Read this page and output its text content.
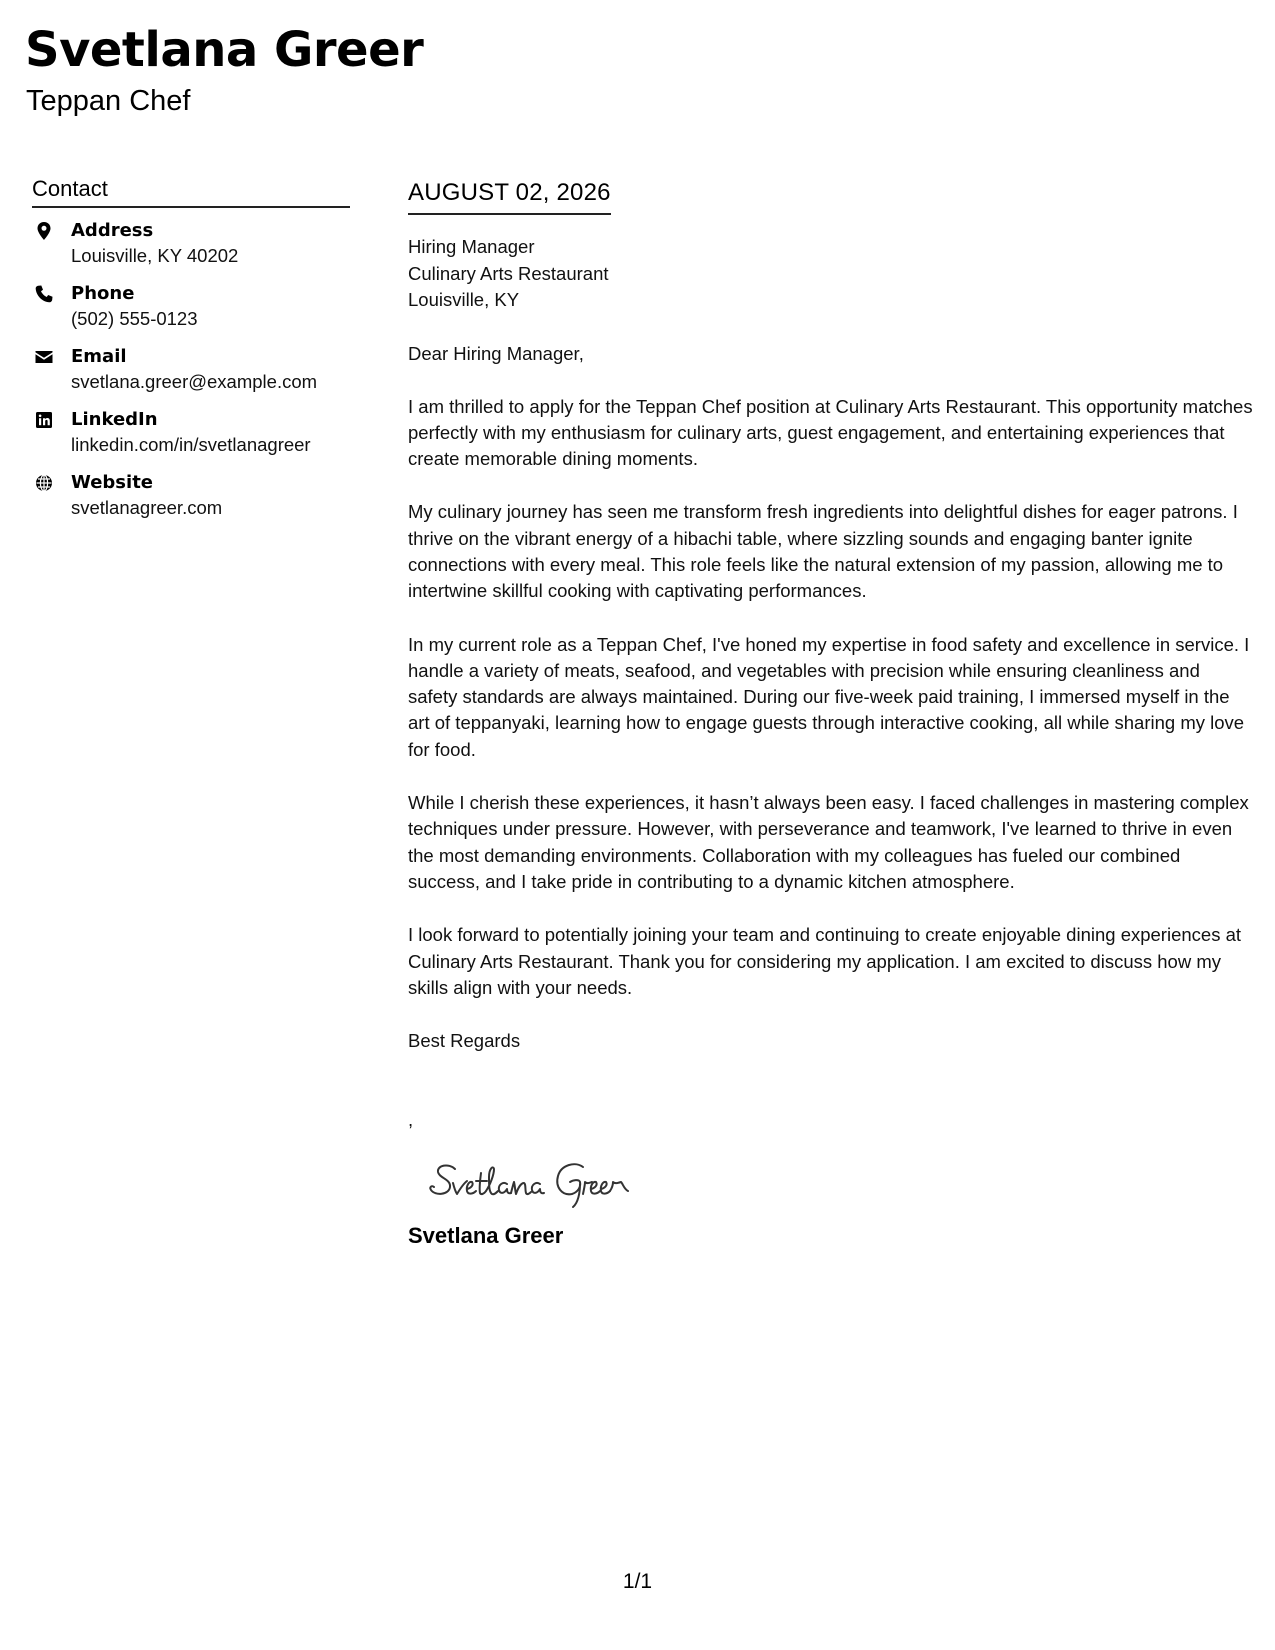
Svetlana Greer
Teppan Chef
Contact
Address
Louisville, KY 40202
Phone
(502) 555-0123
Email
svetlana.greer@example.com
LinkedIn
linkedin.com/in/svetlanagreer
Website
svetlanagreer.com
AUGUST 02, 2026
Hiring Manager
Culinary Arts Restaurant
Louisville, KY
Dear Hiring Manager,
I am thrilled to apply for the Teppan Chef position at Culinary Arts Restaurant. This opportunity matches perfectly with my enthusiasm for culinary arts, guest engagement, and entertaining experiences that create memorable dining moments.
My culinary journey has seen me transform fresh ingredients into delightful dishes for eager patrons. I thrive on the vibrant energy of a hibachi table, where sizzling sounds and engaging banter ignite connections with every meal. This role feels like the natural extension of my passion, allowing me to intertwine skillful cooking with captivating performances.
In my current role as a Teppan Chef, I've honed my expertise in food safety and excellence in service. I handle a variety of meats, seafood, and vegetables with precision while ensuring cleanliness and safety standards are always maintained. During our five-week paid training, I immersed myself in the art of teppanyaki, learning how to engage guests through interactive cooking, all while sharing my love for food.
While I cherish these experiences, it hasn’t always been easy. I faced challenges in mastering complex techniques under pressure. However, with perseverance and teamwork, I've learned to thrive in even the most demanding environments. Collaboration with my colleagues has fueled our combined success, and I take pride in contributing to a dynamic kitchen atmosphere.
I look forward to potentially joining your team and continuing to create enjoyable dining experiences at Culinary Arts Restaurant. Thank you for considering my application. I am excited to discuss how my skills align with your needs.
Best Regards
,
Svetlana Greer
1/1
